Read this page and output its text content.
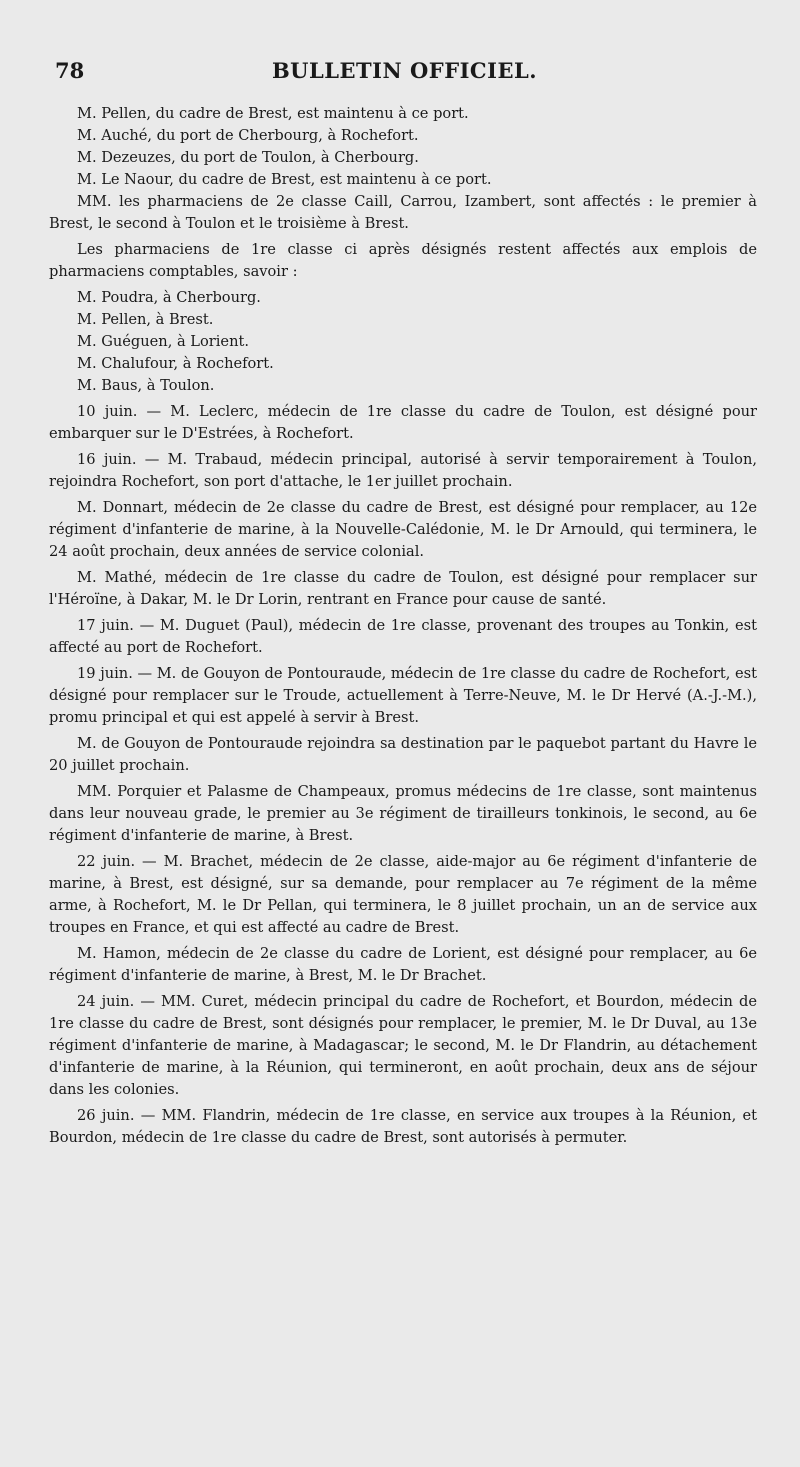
78	BULLETIN OFFICIEL.

M. Pellen, du cadre de Brest, est maintenu à ce port.

M. Auché, du port de Cherbourg, à Rochefort.

M. Dezeuzes, du port de Toulon, à Cherbourg.

M. Le Naour, du cadre de Brest, est maintenu à ce port.

MM. les pharmaciens de 2e classe Caill, Carrou, Izambert, sont affectés : le premier à Brest, le second à Toulon et le troisième à Brest.

Les pharmaciens de 1re classe ci après désignés restent affectés aux emplois de pharmaciens comptables, savoir :

M. Poudra, à Cherbourg.

M. Pellen, à Brest.

M. Guéguen, à Lorient.

M. Chalufour, à Rochefort.

M. Baus, à Toulon.

10 juin. — M. Leclerc, médecin de 1re classe du cadre de Toulon, est désigné pour embarquer sur le D'Estrées, à Rochefort.

16 juin. — M. Trabaud, médecin principal, autorisé à servir temporairement à Toulon, rejoindra Rochefort, son port d'attache, le 1er juillet prochain.

M. Donnart, médecin de 2e classe du cadre de Brest, est désigné pour remplacer, au 12e régiment d'infanterie de marine, à la Nouvelle-Calédonie, M. le Dr Arnould, qui terminera, le 24 août prochain, deux années de service colonial.

M. Mathé, médecin de 1re classe du cadre de Toulon, est désigné pour remplacer sur l'Héroïne, à Dakar, M. le Dr Lorin, rentrant en France pour cause de santé.

17 juin. — M. Duguet (Paul), médecin de 1re classe, provenant des troupes au Tonkin, est affecté au port de Rochefort.

19 juin. — M. de Gouyon de Pontouraude, médecin de 1re classe du cadre de Rochefort, est désigné pour remplacer sur le Troude, actuellement à Terre-Neuve, M. le Dr Hervé (A.-J.-M.), promu principal et qui est appelé à servir à Brest.

M. de Gouyon de Pontouraude rejoindra sa destination par le paquebot partant du Havre le 20 juillet prochain.

MM. Porquier et Palasme de Champeaux, promus médecins de 1re classe, sont maintenus dans leur nouveau grade, le premier au 3e régiment de tirailleurs tonkinois, le second, au 6e régiment d'infanterie de marine, à Brest.

22 juin. — M. Brachet, médecin de 2e classe, aide-major au 6e régiment d'infanterie de marine, à Brest, est désigné, sur sa demande, pour remplacer au 7e régiment de la même arme, à Rochefort, M. le Dr Pellan, qui terminera, le 8 juillet prochain, un an de service aux troupes en France, et qui est affecté au cadre de Brest.

M. Hamon, médecin de 2e classe du cadre de Lorient, est désigné pour remplacer, au 6e régiment d'infanterie de marine, à Brest, M. le Dr Brachet.

24 juin. — MM. Curet, médecin principal du cadre de Rochefort, et Bourdon, médecin de 1re classe du cadre de Brest, sont désignés pour remplacer, le premier, M. le Dr Duval, au 13e régiment d'infanterie de marine, à Madagascar; le second, M. le Dr Flandrin, au détachement d'infanterie de marine, à la Réunion, qui termineront, en août prochain, deux ans de séjour dans les colonies.

26 juin. — MM. Flandrin, médecin de 1re classe, en service aux troupes à la Réunion, et Bourdon, médecin de 1re classe du cadre de Brest, sont autorisés à permuter.
